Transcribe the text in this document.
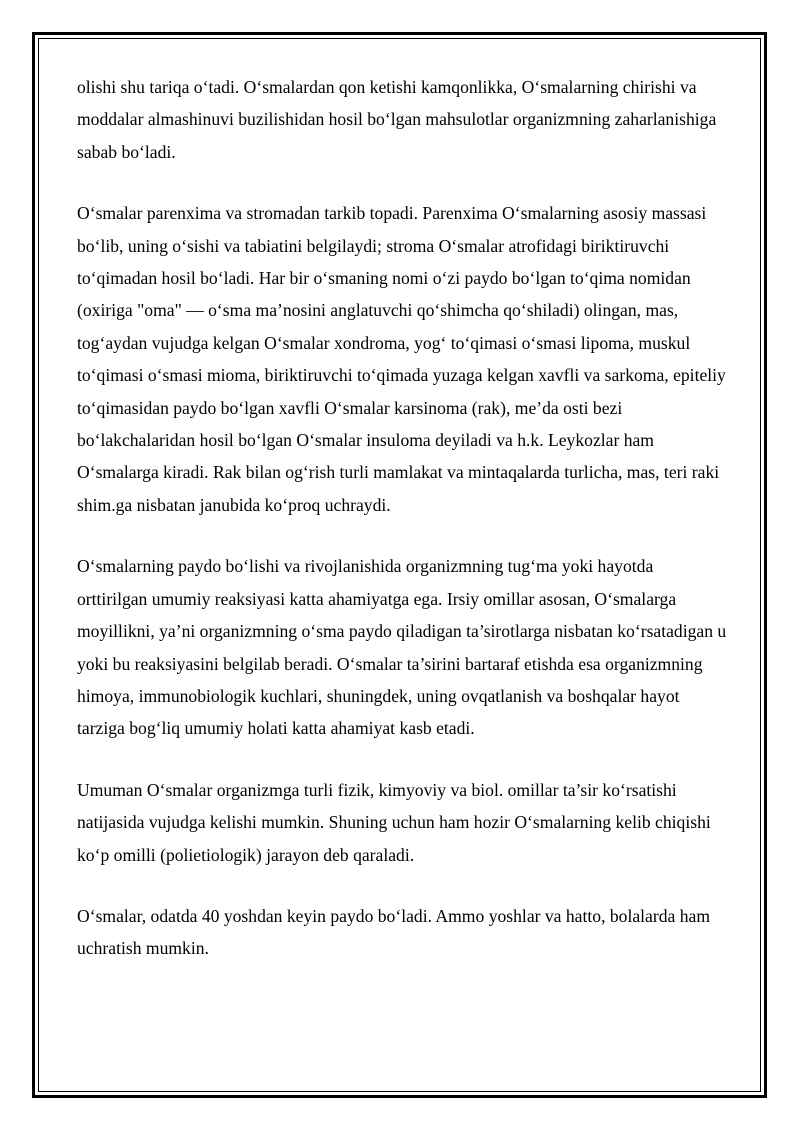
olishi shu tariqa o‘tadi. O‘smalardan qon ketishi kamqonlikka, O‘smalarning chirishi va moddalar almashinuvi buzilishidan hosil bo‘lgan mahsulotlar organizmning zaharlanishiga sabab bo‘ladi.

O‘smalar parenxima va stromadan tarkib topadi. Parenxima O‘smalarning asosiy massasi bo‘lib, uning o‘sishi va tabiatini belgilaydi; stroma O‘smalar atrofidagi biriktiruvchi to‘qimadan hosil bo‘ladi. Har bir o‘smaning nomi o‘zi paydo bo‘lgan to‘qima nomidan (oxiriga "oma" — o‘sma ma’nosini anglatuvchi qo‘shimcha qo‘shiladi) olingan, mas, tog‘aydan vujudga kelgan O‘smalar xondroma, yog‘ to‘qimasi o‘smasi lipoma, muskul to‘qimasi o‘smasi mioma, biriktiruvchi to‘qimada yuzaga kelgan xavfli va sarkoma, epiteliy to‘qimasidan paydo bo‘lgan xavfli O‘smalar karsinoma (rak), me’da osti bezi bo‘lakchalaridan hosil bo‘lgan O‘smalar insuloma deyiladi va h.k. Leykozlar ham O‘smalarga kiradi. Rak bilan og‘rish turli mamlakat va mintaqalarda turlicha, mas, teri raki shim.ga nisbatan janubida ko‘proq uchraydi.

O‘smalarning paydo bo‘lishi va rivojlanishida organizmning tug‘ma yoki hayotda orttirilgan umumiy reaksiyasi katta ahamiyatga ega. Irsiy omillar asosan, O‘smalarga moyillikni, ya’ni organizmning o‘sma paydo qiladigan ta’sirotlarga nisbatan ko‘rsatadigan u yoki bu reaksiyasini belgilab beradi. O‘smalar ta’sirini bartaraf etishda esa organizmning himoya, immunobiologik kuchlari, shuningdek, uning ovqatlanish va boshqalar hayot tarziga bog‘liq umumiy holati katta ahamiyat kasb etadi.

Umuman O‘smalar organizmga turli fizik, kimyoviy va biol. omillar ta’sir ko‘rsatishi natijasida vujudga kelishi mumkin. Shuning uchun ham hozir O‘smalarning kelib chiqishi ko‘p omilli (polietiologik) jarayon deb qaraladi.

O‘smalar, odatda 40 yoshdan keyin paydo bo‘ladi. Ammo yoshlar va hatto, bolalarda ham uchratish mumkin.
